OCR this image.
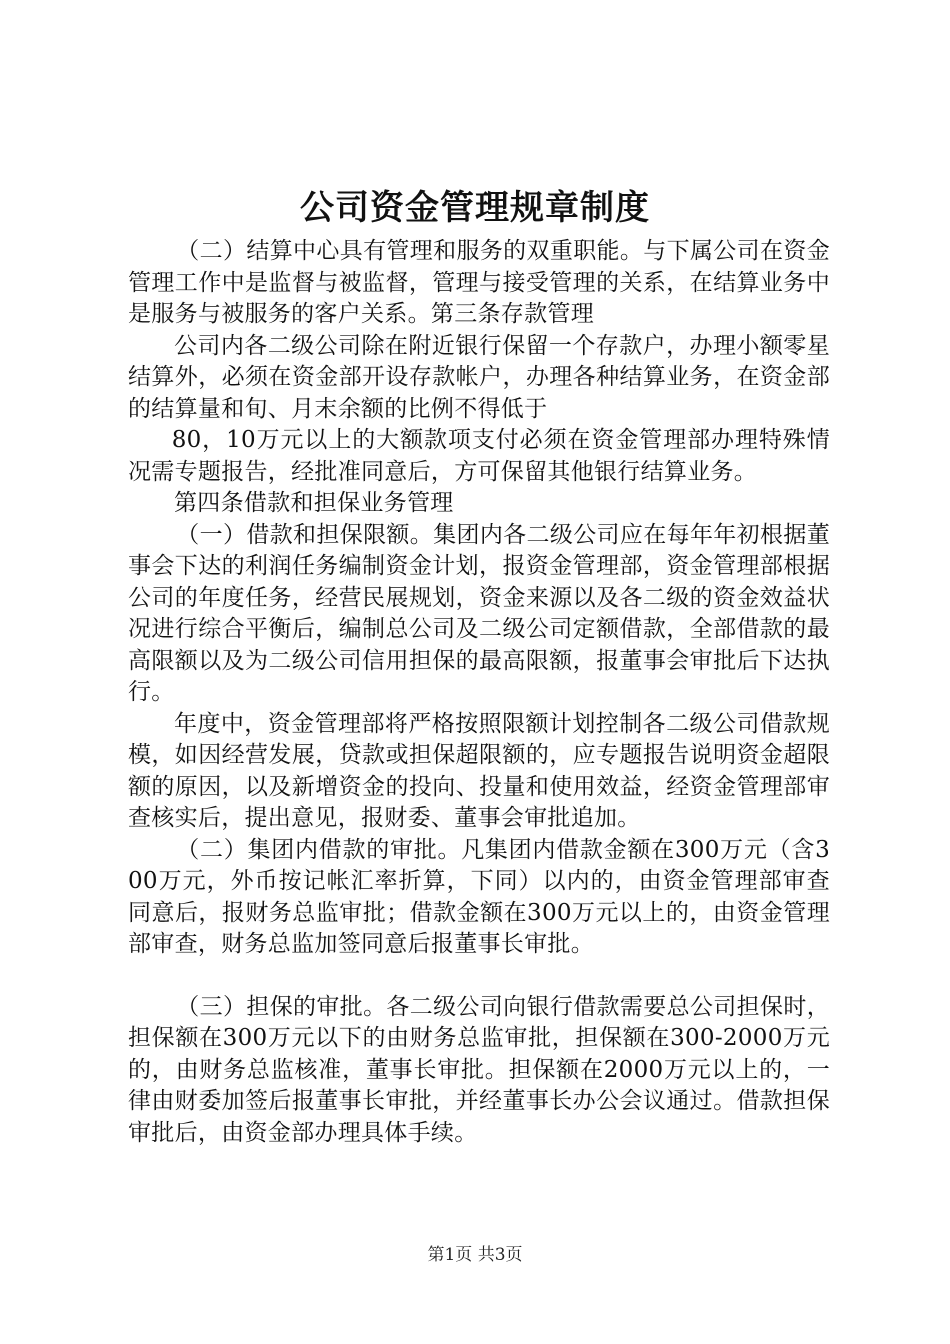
公司资金管理规章制度

（二）结算中心具有管理和服务的双重职能。与下属公司在资金管理工作中是监督与被监督，管理与接受管理的关系，在结算业务中是服务与被服务的客户关系。第三条存款管理

公司内各二级公司除在附近银行保留一个存款户，办理小额零星结算外，必须在资金部开设存款帐户，办理各种结算业务，在资金部的结算量和旬、月末余额的比例不得低于

80，10万元以上的大额款项支付必须在资金管理部办理特殊情况需专题报告，经批准同意后，方可保留其他银行结算业务。

第四条借款和担保业务管理

（一）借款和担保限额。集团内各二级公司应在每年年初根据董事会下达的利润任务编制资金计划，报资金管理部，资金管理部根据公司的年度任务，经营民展规划，资金来源以及各二级的资金效益状况进行综合平衡后，编制总公司及二级公司定额借款，全部借款的最高限额以及为二级公司信用担保的最高限额，报董事会审批后下达执行。

年度中，资金管理部将严格按照限额计划控制各二级公司借款规模，如因经营发展，贷款或担保超限额的，应专题报告说明资金超限额的原因，以及新增资金的投向、投量和使用效益，经资金管理部审查核实后，提出意见，报财委、董事会审批追加。

（二）集团内借款的审批。凡集团内借款金额在300万元（含300万元，外币按记帐汇率折算，下同）以内的，由资金管理部审查同意后，报财务总监审批；借款金额在300万元以上的，由资金管理部审查，财务总监加签同意后报董事长审批。

（三）担保的审批。各二级公司向银行借款需要总公司担保时，担保额在300万元以下的由财务总监审批，担保额在300-2000万元的，由财务总监核准，董事长审批。担保额在2000万元以上的，一律由财委加签后报董事长审批，并经董事长办公会议通过。借款担保审批后，由资金部办理具体手续。

第1页 共3页
